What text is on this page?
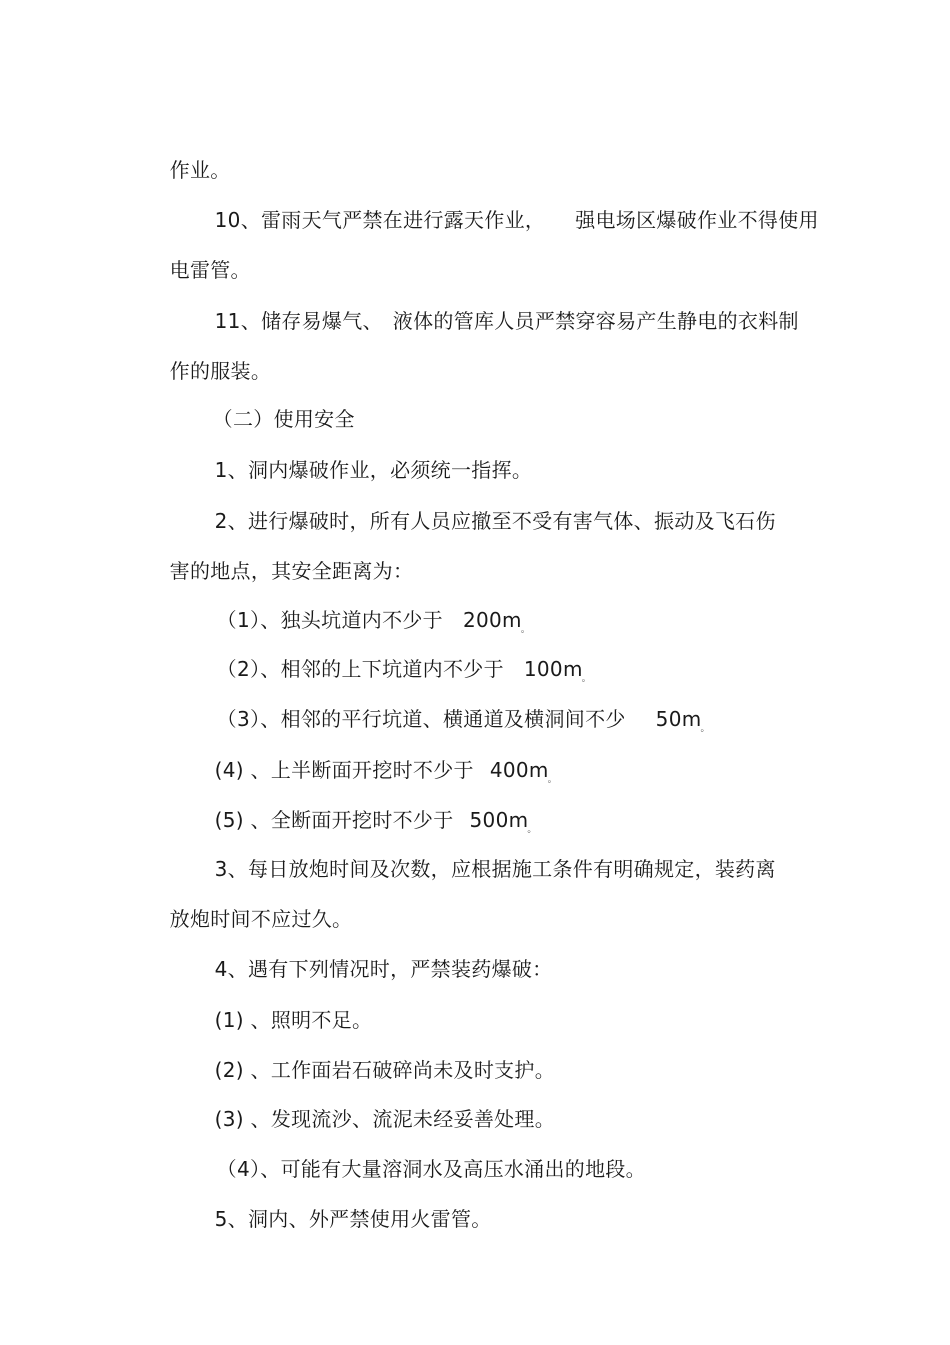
作业。

10、雷雨天气严禁在进行露天作业， 强电场区爆破作业不得使用

电雷管。

11、储存易爆气、 液体的管库人员严禁穿容易产生静电的衣料制

作的服装。

（二）使用安全

1、洞内爆破作业，必须统一指挥。

2、进行爆破时，所有人员应撤至不受有害气体、振动及飞石伤

害的地点，其安全距离为：

（1）、独头坑道内不少于 $200m_。$

（2）、相邻的上下坑道内不少于 $100m_。$

（3）、相邻的平行坑道、横通道及横洞间不少 $50m_。$

(4) 、上半断面开挖时不少于 $400m_。$

(5) 、全断面开挖时不少于 $500m_。$

3、每日放炮时间及次数，应根据施工条件有明确规定，装药离

放炮时间不应过久。

4、遇有下列情况时，严禁装药爆破：

(1) 、照明不足。

(2) 、工作面岩石破碎尚未及时支护。

(3) 、发现流沙、流泥未经妥善处理。

（4）、可能有大量溶洞水及高压水涌出的地段。

5、洞内、外严禁使用火雷管。
